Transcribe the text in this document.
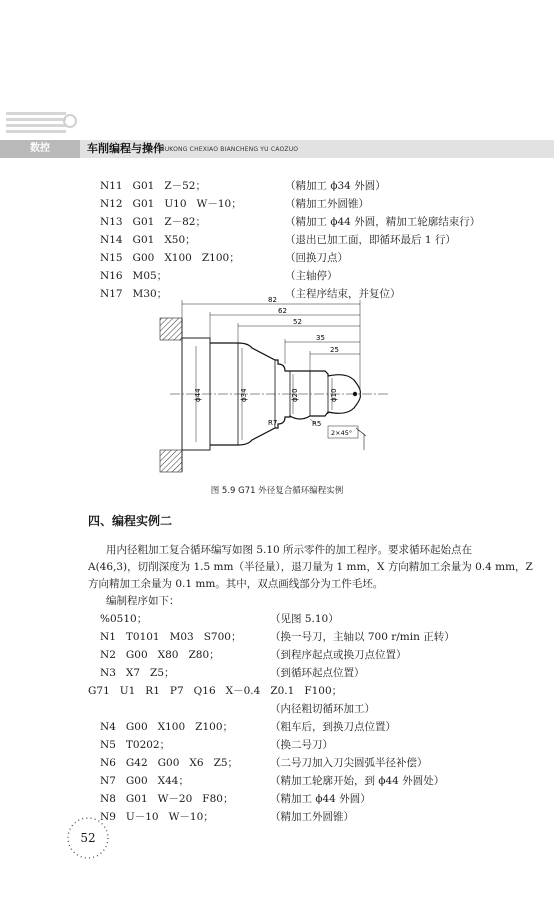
数控	车削编程与操作
SHUKONG CHEXIAO BIANCHENG YU CAOZUO
N11   G01   Z－52；	（精加工 ϕ34 外圆）
N12   G01   U10   W－10；	（精加工外圆锥）
N13   G01   Z－82；	（精加工 ϕ44 外圆，精加工轮廓结束行）
N14   G01   X50；	（退出已加工面，即循环最后 1 行）
N15   G00   X100   Z100；	（回换刀点）
N16   M05；	（主轴停）
N17   M30；	（主程序结束，并复位）
82
62
52
35
25
ϕ44	ϕ34	ϕ20	ϕ10
R7	R5
2×45°
图 5.9 G71 外径复合循环编程实例
四、编程实例二
用内径粗加工复合循环编写如图 5.10 所示零件的加工程序。要求循环起始点在
A(46,3)，切削深度为 1.5 mm（半径量），退刀量为 1 mm，X 方向精加工余量为 0.4 mm，Z
方向精加工余量为 0.1 mm。其中，双点画线部分为工件毛坯。
编制程序如下：
%0510；	（见图 5.10）
N1   T0101   M03   S700；	（换一号刀，主轴以 700 r/min 正转）
N2   G00   X80   Z80；	（到程序起点或换刀点位置）
N3   X7   Z5；	（到循环起点位置）
G71   U1   R1   P7   Q16   X－0.4   Z0.1   F100；
（内径粗切循环加工）
N4   G00   X100   Z100；	（粗车后，到换刀点位置）
N5   T0202；	（换二号刀）
N6   G42   G00   X6   Z5；	（二号刀加入刀尖圆弧半径补偿）
N7   G00   X44；	（精加工轮廓开始，到 ϕ44 外圆处）
N8   G01   W－20   F80；	（精加工 ϕ44 外圆）
N9   U－10   W－10；	（精加工外圆锥）
52
